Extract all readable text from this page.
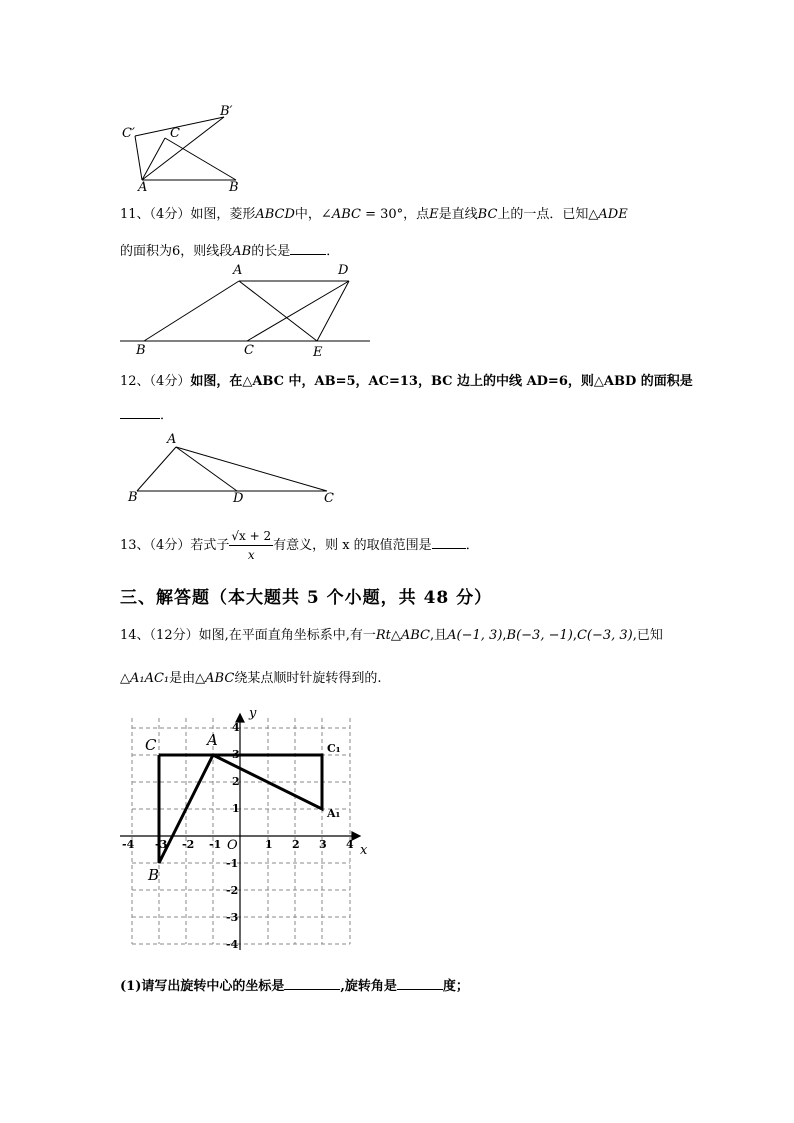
C′	C
B′
A	B
11、（4分）如图，菱形ABCD中，∠ABC = 30°，点E是直线BC上的一点．已知△ADE
的面积为6，则线段AB的长是	．
A	D
B	C	E
12、（4分）如图，在△ABC 中，AB=5，AC=13，BC 边上的中线 AD=6，则△ABD 的面积是
．
A
B	D	C
13、（4分）若式子 $\frac{√x + 2}{x}$ 有意义，则 x 的取值范围是	．
三、解答题（本大题共 5 个小题，共 48 分）
14、（12分）如图,在平面直角坐标系中,有一Rt△ABC,且A(−1, 3),B(−3, −1),C(−3, 3),已知
△A₁AC₁是由△ABC绕某点顺时针旋转得到的.
y
x
O
-4 -3 -2 -1	1 2 3 4
4
3
2
1
-1
-2
-3
-4
C	A
B
C₁
A₁
(1)请写出旋转中心的坐标是	,旋转角是	度；
